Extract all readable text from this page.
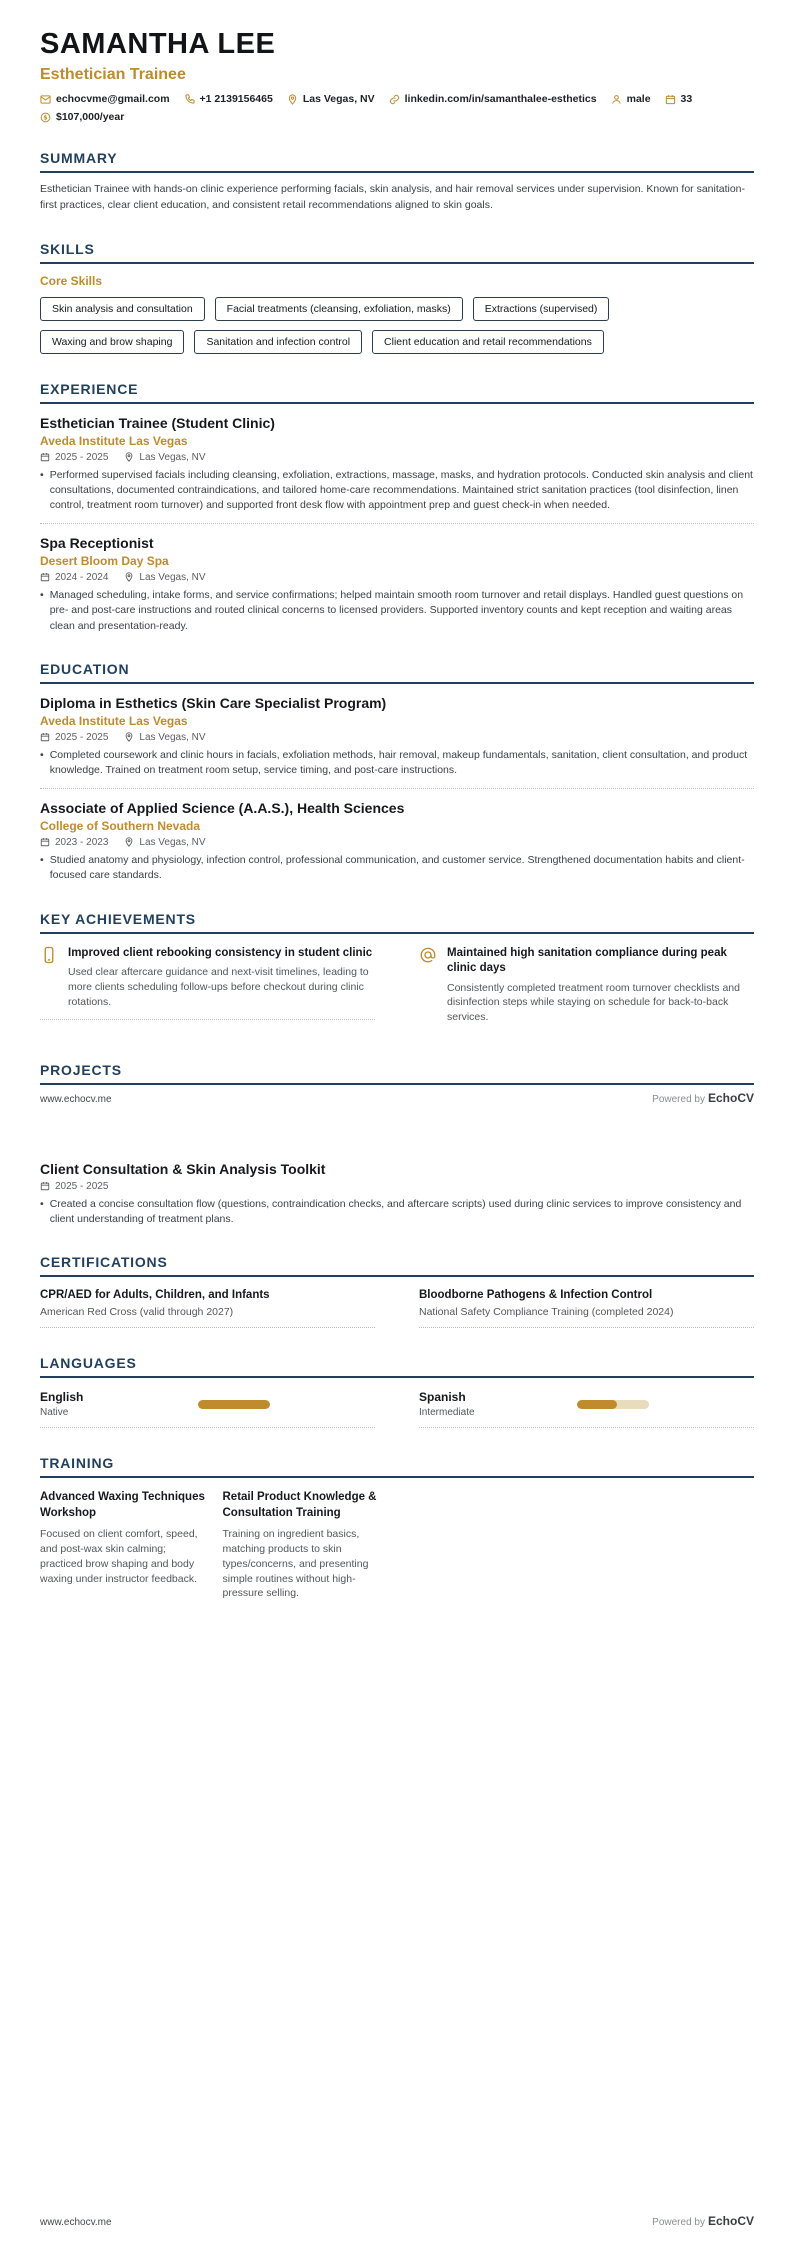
SAMANTHA LEE
Esthetician Trainee
echocvme@gmail.com	+1 2139156465	Las Vegas, NV	linkedin.com/in/samanthalee-esthetics	male	33
$ $107,000/year
SUMMARY
Esthetician Trainee with hands-on clinic experience performing facials, skin analysis, and hair removal services under supervision. Known for sanitation-first practices, clear client education, and consistent retail recommendations aligned to skin goals.
SKILLS
Core Skills
Skin analysis and consultation	Facial treatments (cleansing, exfoliation, masks)	Extractions (supervised)
Waxing and brow shaping	Sanitation and infection control	Client education and retail recommendations
EXPERIENCE
Esthetician Trainee (Student Clinic)
Aveda Institute Las Vegas
2025 - 2025	Las Vegas, NV
• Performed supervised facials including cleansing, exfoliation, extractions, massage, masks, and hydration protocols. Conducted skin analysis and client consultations, documented contraindications, and tailored home-care recommendations. Maintained strict sanitation practices (tool disinfection, linen control, treatment room turnover) and supported front desk flow with appointment prep and guest check-in when needed.
Spa Receptionist
Desert Bloom Day Spa
2024 - 2024	Las Vegas, NV
• Managed scheduling, intake forms, and service confirmations; helped maintain smooth room turnover and retail displays. Handled guest questions on pre- and post-care instructions and routed clinical concerns to licensed providers. Supported inventory counts and kept reception and waiting areas clean and presentation-ready.
EDUCATION
Diploma in Esthetics (Skin Care Specialist Program)
Aveda Institute Las Vegas
2025 - 2025	Las Vegas, NV
• Completed coursework and clinic hours in facials, exfoliation methods, hair removal, makeup fundamentals, sanitation, client consultation, and product knowledge. Trained on treatment room setup, service timing, and post-care instructions.
Associate of Applied Science (A.A.S.), Health Sciences
College of Southern Nevada
2023 - 2023	Las Vegas, NV
• Studied anatomy and physiology, infection control, professional communication, and customer service. Strengthened documentation habits and client-focused care standards.
KEY ACHIEVEMENTS
Improved client rebooking consistency in student clinic
Used clear aftercare guidance and next-visit timelines, leading to more clients scheduling follow-ups before checkout during clinic rotations.
Maintained high sanitation compliance during peak clinic days
Consistently completed treatment room turnover checklists and disinfection steps while staying on schedule for back-to-back services.
PROJECTS
www.echocv.me	Powered by EchoCV
Client Consultation & Skin Analysis Toolkit
2025 - 2025
• Created a concise consultation flow (questions, contraindication checks, and aftercare scripts) used during clinic services to improve consistency and client understanding of treatment plans.
CERTIFICATIONS
CPR/AED for Adults, Children, and Infants
American Red Cross (valid through 2027)
Bloodborne Pathogens & Infection Control
National Safety Compliance Training (completed 2024)
LANGUAGES
English
Native
Spanish
Intermediate
TRAINING
Advanced Waxing Techniques Workshop
Focused on client comfort, speed, and post-wax skin calming; practiced brow shaping and body waxing under instructor feedback.
Retail Product Knowledge & Consultation Training
Training on ingredient basics, matching products to skin types/concerns, and presenting simple routines without high-pressure selling.
www.echocv.me	Powered by EchoCV
